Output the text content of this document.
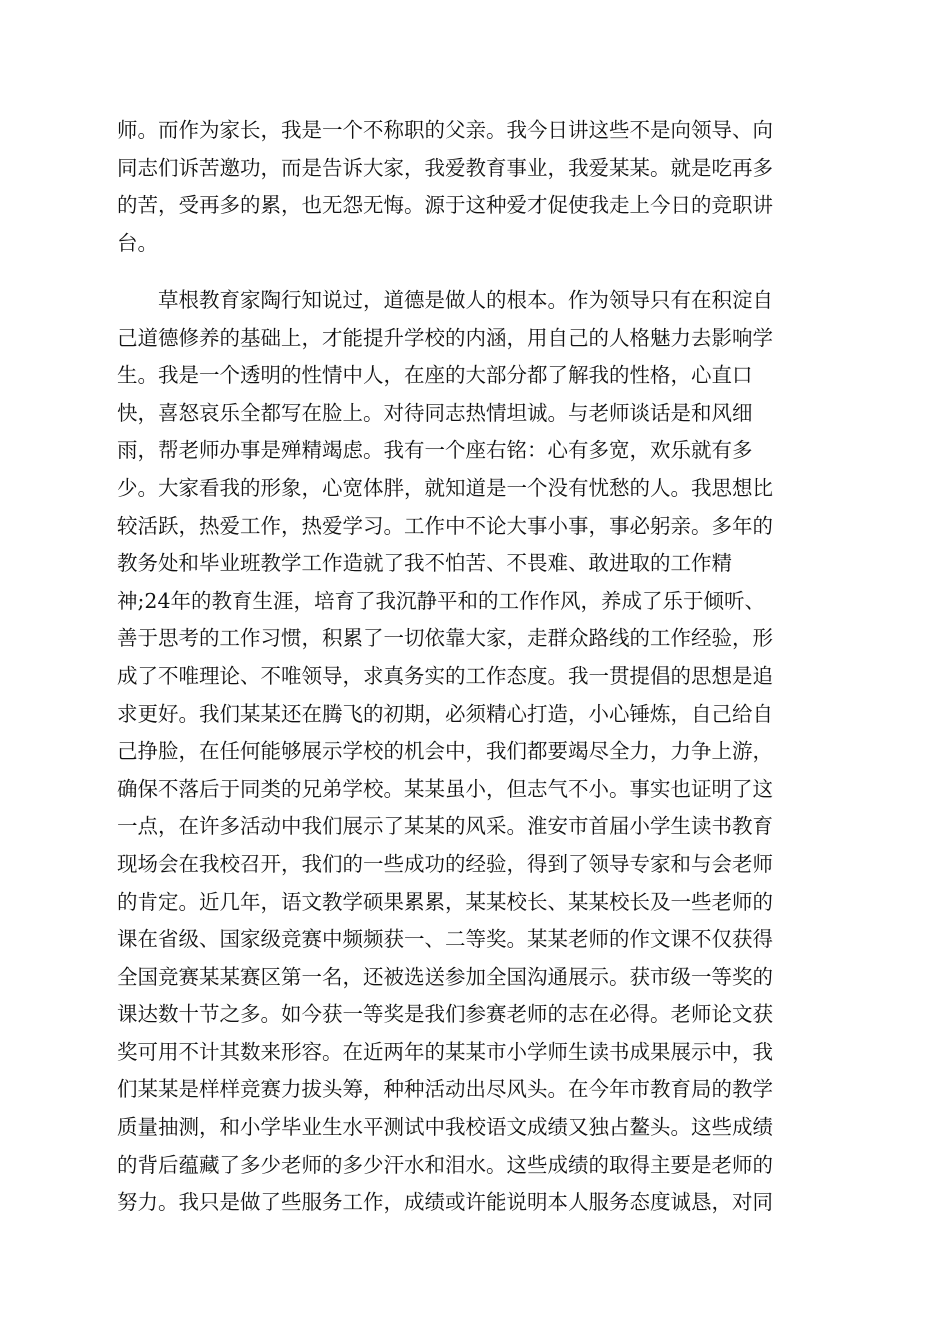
师。而作为家长，我是一个不称职的父亲。我今日讲这些不是向领导、向
同志们诉苦邀功，而是告诉大家，我爱教育事业，我爱某某。就是吃再多
的苦，受再多的累，也无怨无悔。源于这种爱才促使我走上今日的竞职讲
台。
　　草根教育家陶行知说过，道德是做人的根本。作为领导只有在积淀自
己道德修养的基础上，才能提升学校的内涵，用自己的人格魅力去影响学
生。我是一个透明的性情中人，在座的大部分都了解我的性格，心直口
快，喜怒哀乐全都写在脸上。对待同志热情坦诚。与老师谈话是和风细
雨，帮老师办事是殚精竭虑。我有一个座右铭：心有多宽，欢乐就有多
少。大家看我的形象，心宽体胖，就知道是一个没有忧愁的人。我思想比
较活跃，热爱工作，热爱学习。工作中不论大事小事，事必躬亲。多年的
教务处和毕业班教学工作造就了我不怕苦、不畏难、敢进取的工作精
神;24年的教育生涯，培育了我沉静平和的工作作风，养成了乐于倾听、
善于思考的工作习惯，积累了一切依靠大家，走群众路线的工作经验，形
成了不唯理论、不唯领导，求真务实的工作态度。我一贯提倡的思想是追
求更好。我们某某还在腾飞的初期，必须精心打造，小心锤炼，自己给自
己挣脸，在任何能够展示学校的机会中，我们都要竭尽全力，力争上游，
确保不落后于同类的兄弟学校。某某虽小，但志气不小。事实也证明了这
一点，在许多活动中我们展示了某某的风采。淮安市首届小学生读书教育
现场会在我校召开，我们的一些成功的经验，得到了领导专家和与会老师
的肯定。近几年，语文教学硕果累累，某某校长、某某校长及一些老师的
课在省级、国家级竞赛中频频获一、二等奖。某某老师的作文课不仅获得
全国竞赛某某赛区第一名，还被选送参加全国沟通展示。获市级一等奖的
课达数十节之多。如今获一等奖是我们参赛老师的志在必得。老师论文获
奖可用不计其数来形容。在近两年的某某市小学师生读书成果展示中，我
们某某是样样竞赛力拔头筹，种种活动出尽风头。在今年市教育局的教学
质量抽测，和小学毕业生水平测试中我校语文成绩又独占鳌头。这些成绩
的背后蕴藏了多少老师的多少汗水和泪水。这些成绩的取得主要是老师的
努力。我只是做了些服务工作，成绩或许能说明本人服务态度诚恳，对同
